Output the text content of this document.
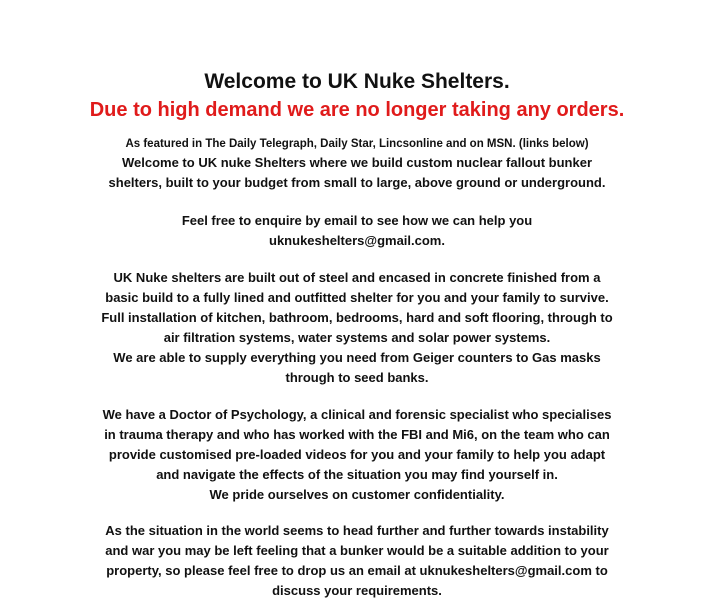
Welcome to UK Nuke Shelters.
Due to high demand we are no longer taking any orders.

As featured in The Daily Telegraph, Daily Star, Lincsonline and on MSN. (links below)

Welcome to UK nuke Shelters where we build custom nuclear fallout bunker
shelters, built to your budget from small to large, above ground or underground.

Feel free to enquire by email to see how we can help you
uknukeshelters@gmail.com.

UK Nuke shelters are built out of steel and encased in concrete finished from a
basic build to a fully lined and outfitted shelter for you and your family to survive.
Full installation of kitchen, bathroom, bedrooms, hard and soft flooring, through to
air filtration systems, water systems and solar power systems.
We are able to supply everything you need from Geiger counters to Gas masks
through to seed banks.

We have a Doctor of Psychology, a clinical and forensic specialist who specialises
in trauma therapy and who has worked with the FBI and Mi6, on the team who can
provide customised pre-loaded videos for you and your family to help you adapt
and navigate the effects of the situation you may find yourself in.
We pride ourselves on customer confidentiality.

As the situation in the world seems to head further and further towards instability
and war you may be left feeling that a bunker would be a suitable addition to your
property, so please feel free to drop us an email at uknukeshelters@gmail.com to
discuss your requirements.
